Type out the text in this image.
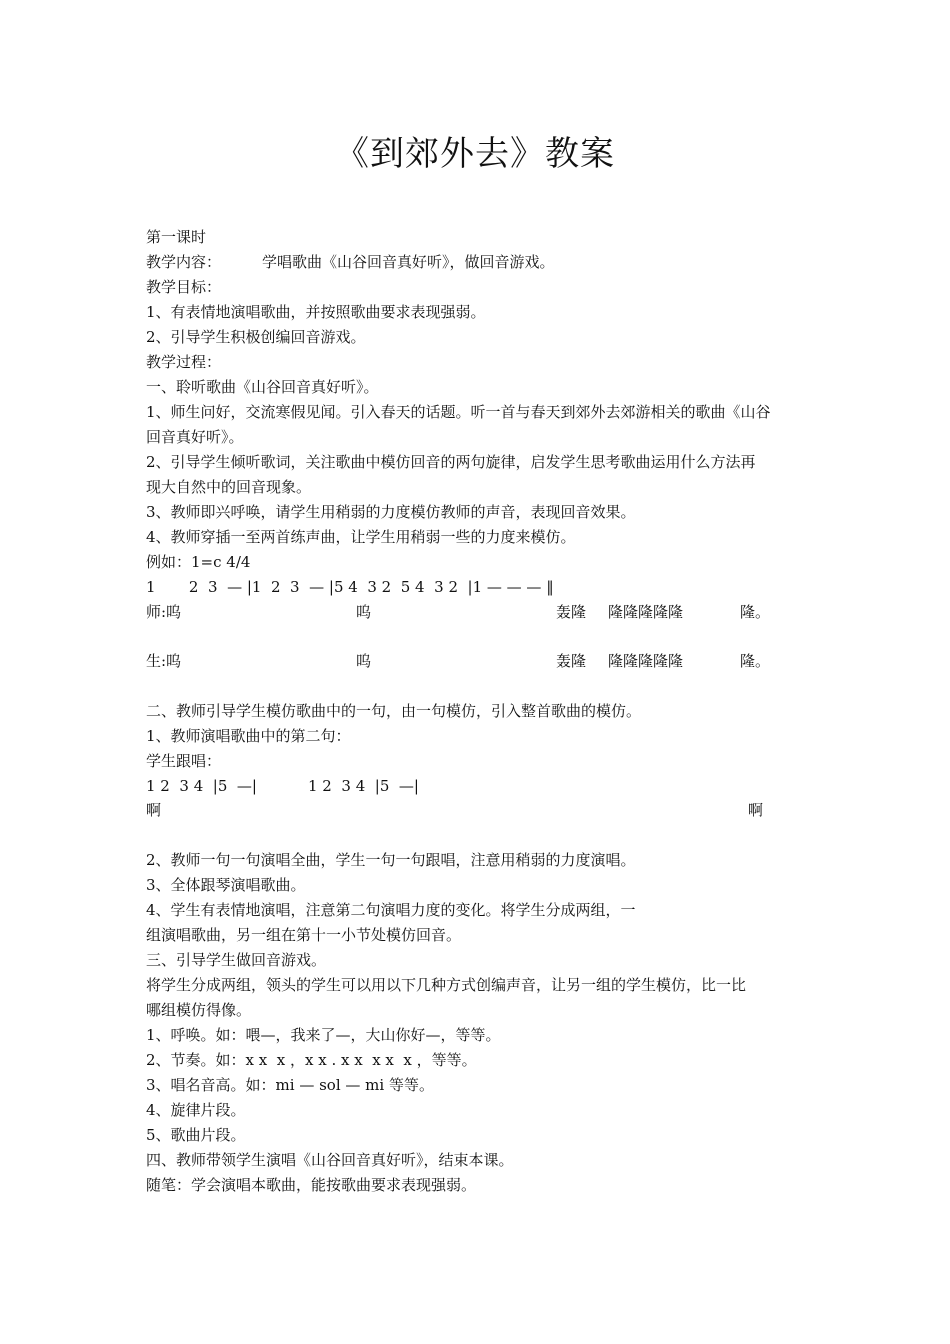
《到郊外去》教案
第一课时
教学内容：	学唱歌曲《山谷回音真好听》，做回音游戏。
教学目标：
1、有表情地演唱歌曲，并按照歌曲要求表现强弱。
2、引导学生积极创编回音游戏。
教学过程：
一、聆听歌曲《山谷回音真好听》。
1、师生问好，交流寒假见闻。引入春天的话题。听一首与春天到郊外去郊游相关的歌曲《山谷
回音真好听》。
2、引导学生倾听歌词，关注歌曲中模仿回音的两句旋律，启发学生思考歌曲运用什么方法再
现大自然中的回音现象。
3、教师即兴呼唤，请学生用稍弱的力度模仿教师的声音，表现回音效果。
4、教师穿插一至两首练声曲，让学生用稍弱一些的力度来模仿。
例如：1=c 4/4
1       2  3  — |1  2  3  — |5 4  3 2  5 4  3 2  |1 — — — ‖
师:呜	呜	轰隆 隆隆隆隆隆	隆。
生:呜	呜	轰隆 隆隆隆隆隆	隆。
二、教师引导学生模仿歌曲中的一句，由一句模仿，引入整首歌曲的模仿。
1、教师演唱歌曲中的第二句：
学生跟唱：
1 2  3 4  |5  —|	1 2  3 4  |5  —|
啊	啊
2、教师一句一句演唱全曲，学生一句一句跟唱，注意用稍弱的力度演唱。
3、全体跟琴演唱歌曲。
4、学生有表情地演唱，注意第二句演唱力度的变化。将学生分成两组，一
组演唱歌曲，另一组在第十一小节处模仿回音。
三、引导学生做回音游戏。
将学生分成两组，领头的学生可以用以下几种方式创编声音，让另一组的学生模仿，比一比
哪组模仿得像。
1、呼唤。如：喂—，我来了—，大山你好—，等等。
2、节奏。如：x x  x ，x x . x x  x x  x ，等等。
3、唱名音高。如：mi — sol — mi 等等。
4、旋律片段。
5、歌曲片段。
四、教师带领学生演唱《山谷回音真好听》，结束本课。
随笔：学会演唱本歌曲，能按歌曲要求表现强弱。
